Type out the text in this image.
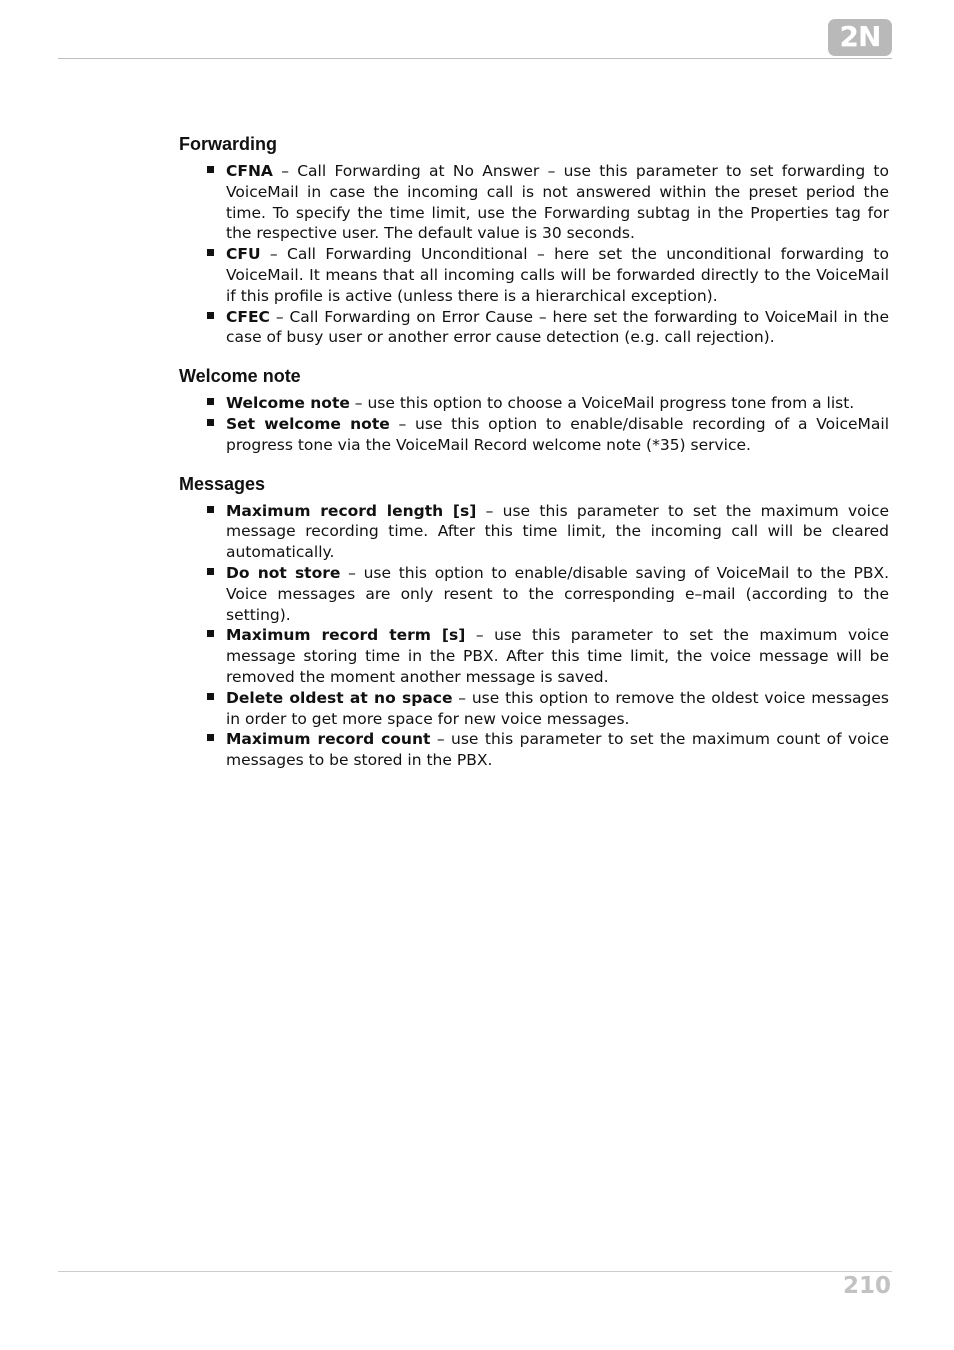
2N
Forwarding
CFNA – Call Forwarding at No Answer – use this parameter to set forwarding to VoiceMail in case the incoming call is not answered within the preset period the time. To specify the time limit, use the Forwarding subtag in the Properties tag for the respective user. The default value is 30 seconds.
CFU – Call Forwarding Unconditional – here set the unconditional forwarding to VoiceMail. It means that all incoming calls will be forwarded directly to the VoiceMail if this profile is active (unless there is a hierarchical exception).
CFEC – Call Forwarding on Error Cause – here set the forwarding to VoiceMail in the case of busy user or another error cause detection (e.g. call rejection).
Welcome note
Welcome note – use this option to choose a VoiceMail progress tone from a list.
Set welcome note – use this option to enable/disable recording of a VoiceMail progress tone via the VoiceMail Record welcome note (*35) service.
Messages
Maximum record length [s] – use this parameter to set the maximum voice message recording time. After this time limit, the incoming call will be cleared automatically.
Do not store – use this option to enable/disable saving of VoiceMail to the PBX. Voice messages are only resent to the corresponding e–mail (according to the setting).
Maximum record term [s] – use this parameter to set the maximum voice message storing time in the PBX. After this time limit, the voice message will be removed the moment another message is saved.
Delete oldest at no space – use this option to remove the oldest voice messages in order to get more space for new voice messages.
Maximum record count – use this parameter to set the maximum count of voice messages to be stored in the PBX.
210
